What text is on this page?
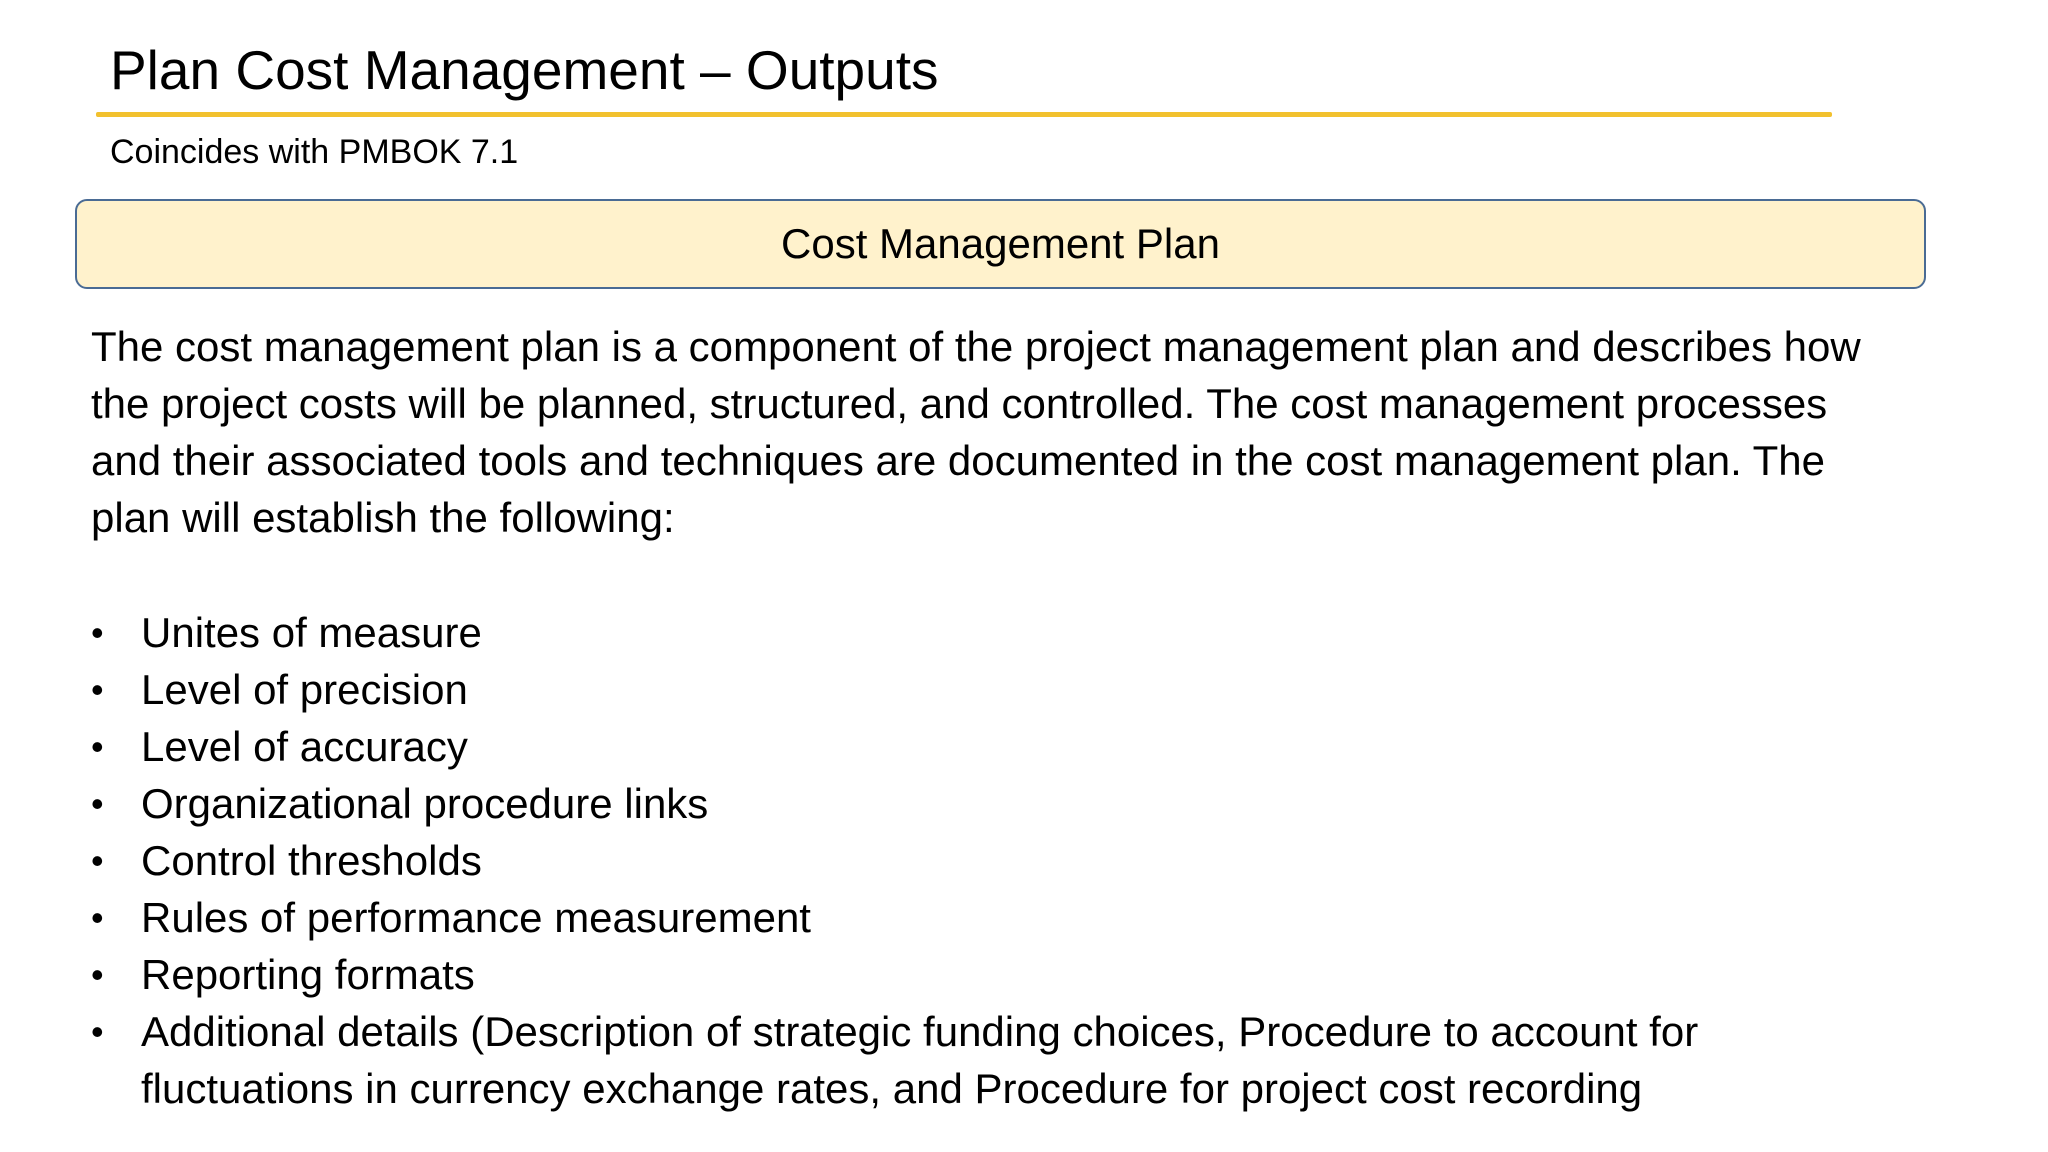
Plan Cost Management – Outputs
Coincides with PMBOK 7.1
Cost Management Plan
The cost management plan is a component of the project management plan and describes how the project costs will be planned, structured, and controlled. The cost management processes and their associated tools and techniques are documented in the cost management plan. The plan will establish the following:
• Unites of measure
• Level of precision
• Level of accuracy
• Organizational procedure links
• Control thresholds
• Rules of performance measurement
• Reporting formats
• Additional details (Description of strategic funding choices, Procedure to account for fluctuations in currency exchange rates, and Procedure for project cost recording
